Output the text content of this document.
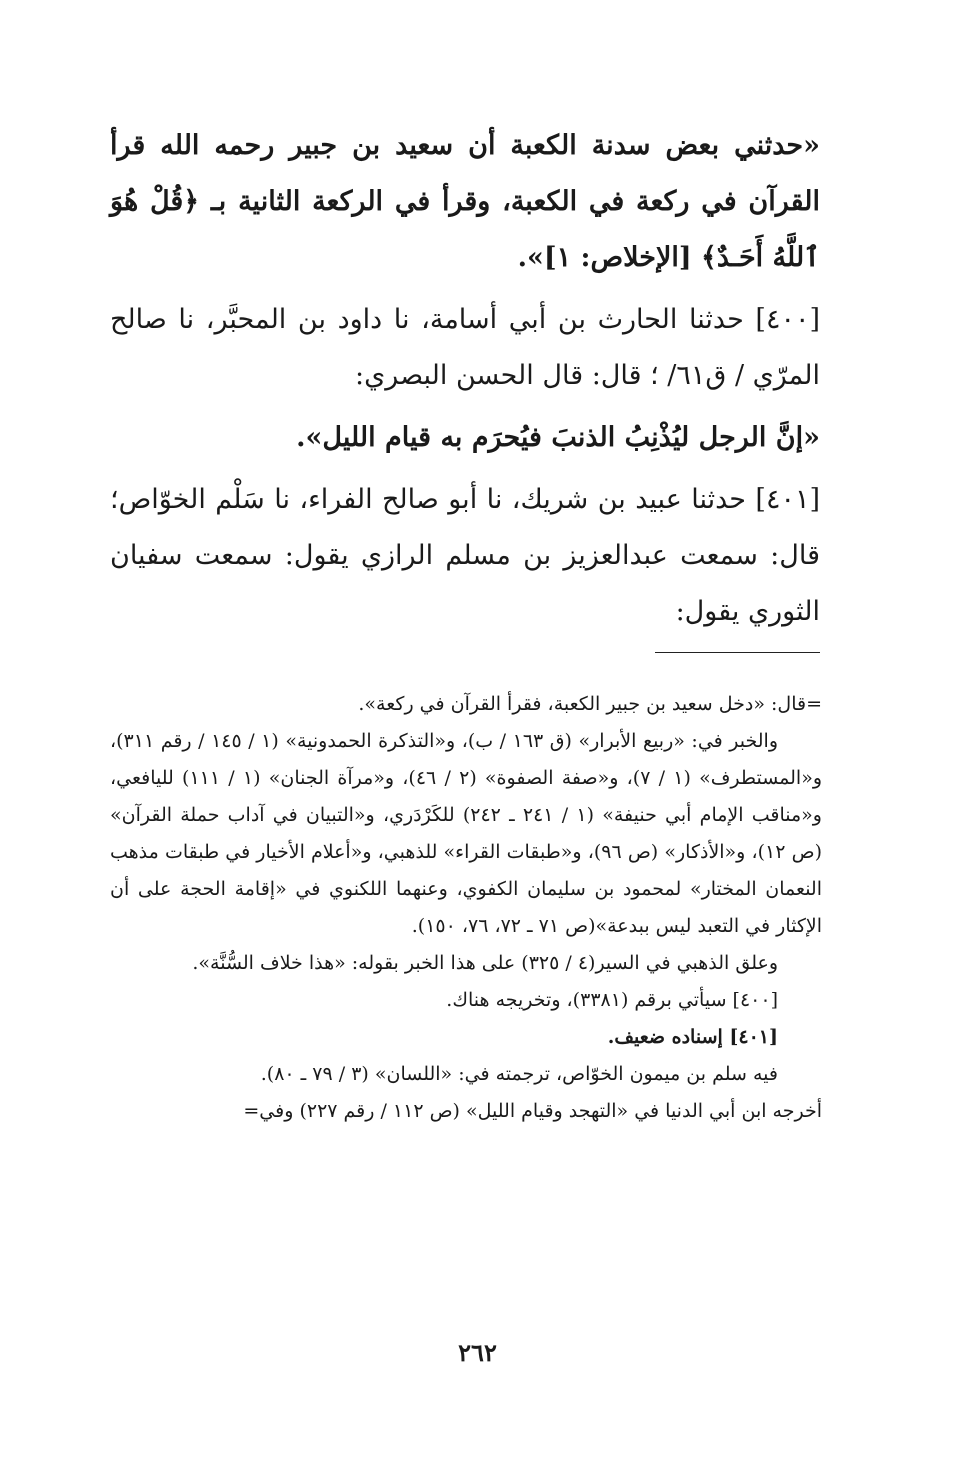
«حدثني بعض سدنة الكعبة أن سعيد بن جبير رحمه الله قرأ القرآن في ركعة في الكعبة، وقرأ في الركعة الثانية بـ ﴿قُلْ هُوَ ٱللَّهُ أَحَـدٌ﴾ [الإخلاص: ١]».

[٤٠٠] حدثنا الحارث بن أبي أسامة، نا داود بن المحبَّر، نا صالح المرّي / ق٦١/ ؛ قال: قال الحسن البصري:

«إنَّ الرجل ليُذْنِبُ الذنبَ فيُحرَم به قيام الليل».

[٤٠١] حدثنا عبيد بن شريك، نا أبو صالح الفراء، نا سَلْم الخوّاص؛ قال: سمعت عبدالعزيز بن مسلم الرازي يقول: سمعت سفيان الثوري يقول:

=قال: «دخل سعيد بن جبير الكعبة، فقرأ القرآن في ركعة».

والخبر في: «ربيع الأبرار» (ق ١٦٣ / ب)، و«التذكرة الحمدونية» (١ / ١٤٥ / رقم ٣١١)، و«المستطرف» (١ / ٧)، و«صفة الصفوة» (٢ / ٤٦)، و«مرآة الجنان» (١ / ١١١) لليافعي، و«مناقب الإمام أبي حنيفة» (١ / ٢٤١ ـ ٢٤٢) للكَرْدَري، و«التبيان في آداب حملة القرآن» (ص ١٢)، و«الأذكار» (ص ٩٦)، و«طبقات القراء» للذهبي، و«أعلام الأخيار في طبقات مذهب النعمان المختار» لمحمود بن سليمان الكفوي، وعنهما اللكنوي في «إقامة الحجة على أن الإكثار في التعبد ليس ببدعة»(ص ٧١ ـ ٧٢، ٧٦، ١٥٠).

وعلق الذهبي في السير(٤ / ٣٢٥) على هذا الخبر بقوله: «هذا خلاف السُّنَّة».

[٤٠٠] سيأتي برقم (٣٣٨١)، وتخريجه هناك.

[٤٠١] إسناده ضعيف.

فيه سلم بن ميمون الخوّاص، ترجمته في: «اللسان» (٣ / ٧٩ ـ ٨٠).

أخرجه ابن أبي الدنيا في «التهجد وقيام الليل» (ص ١١٢ / رقم ٢٢٧) وفي=

٢٦٢
